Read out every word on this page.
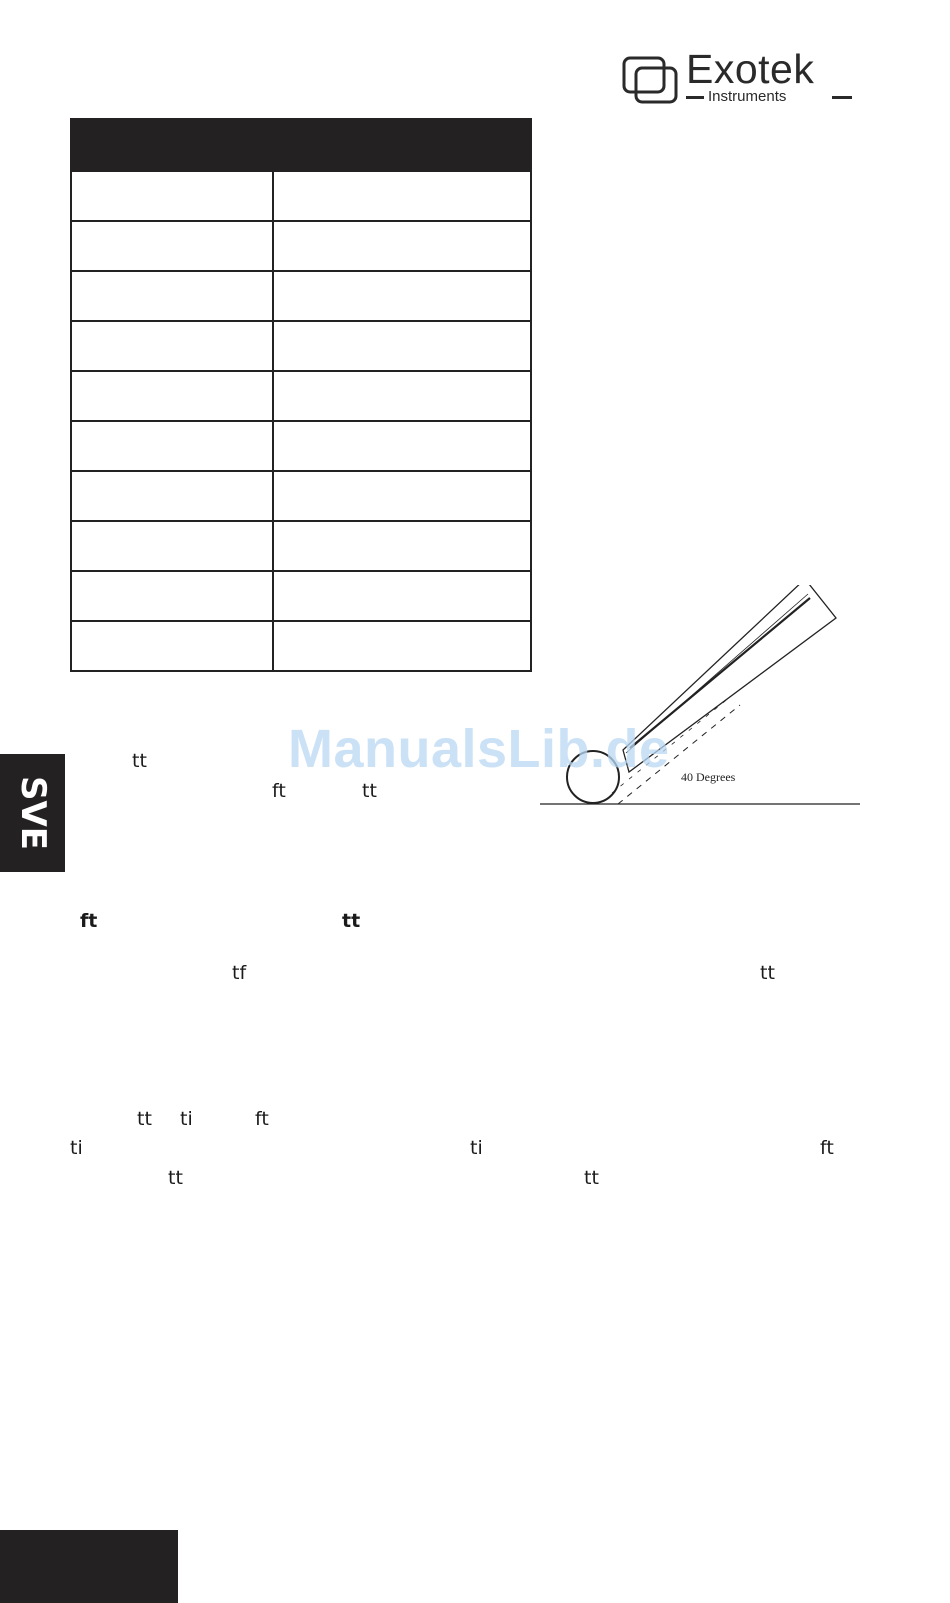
Exotek
Instruments
SVE
tt
ft	tt
ft	tt
tf	tt
tt ti	ft
ti	ti	ft
tt	tt
40 Degrees
ManualsLib.de
